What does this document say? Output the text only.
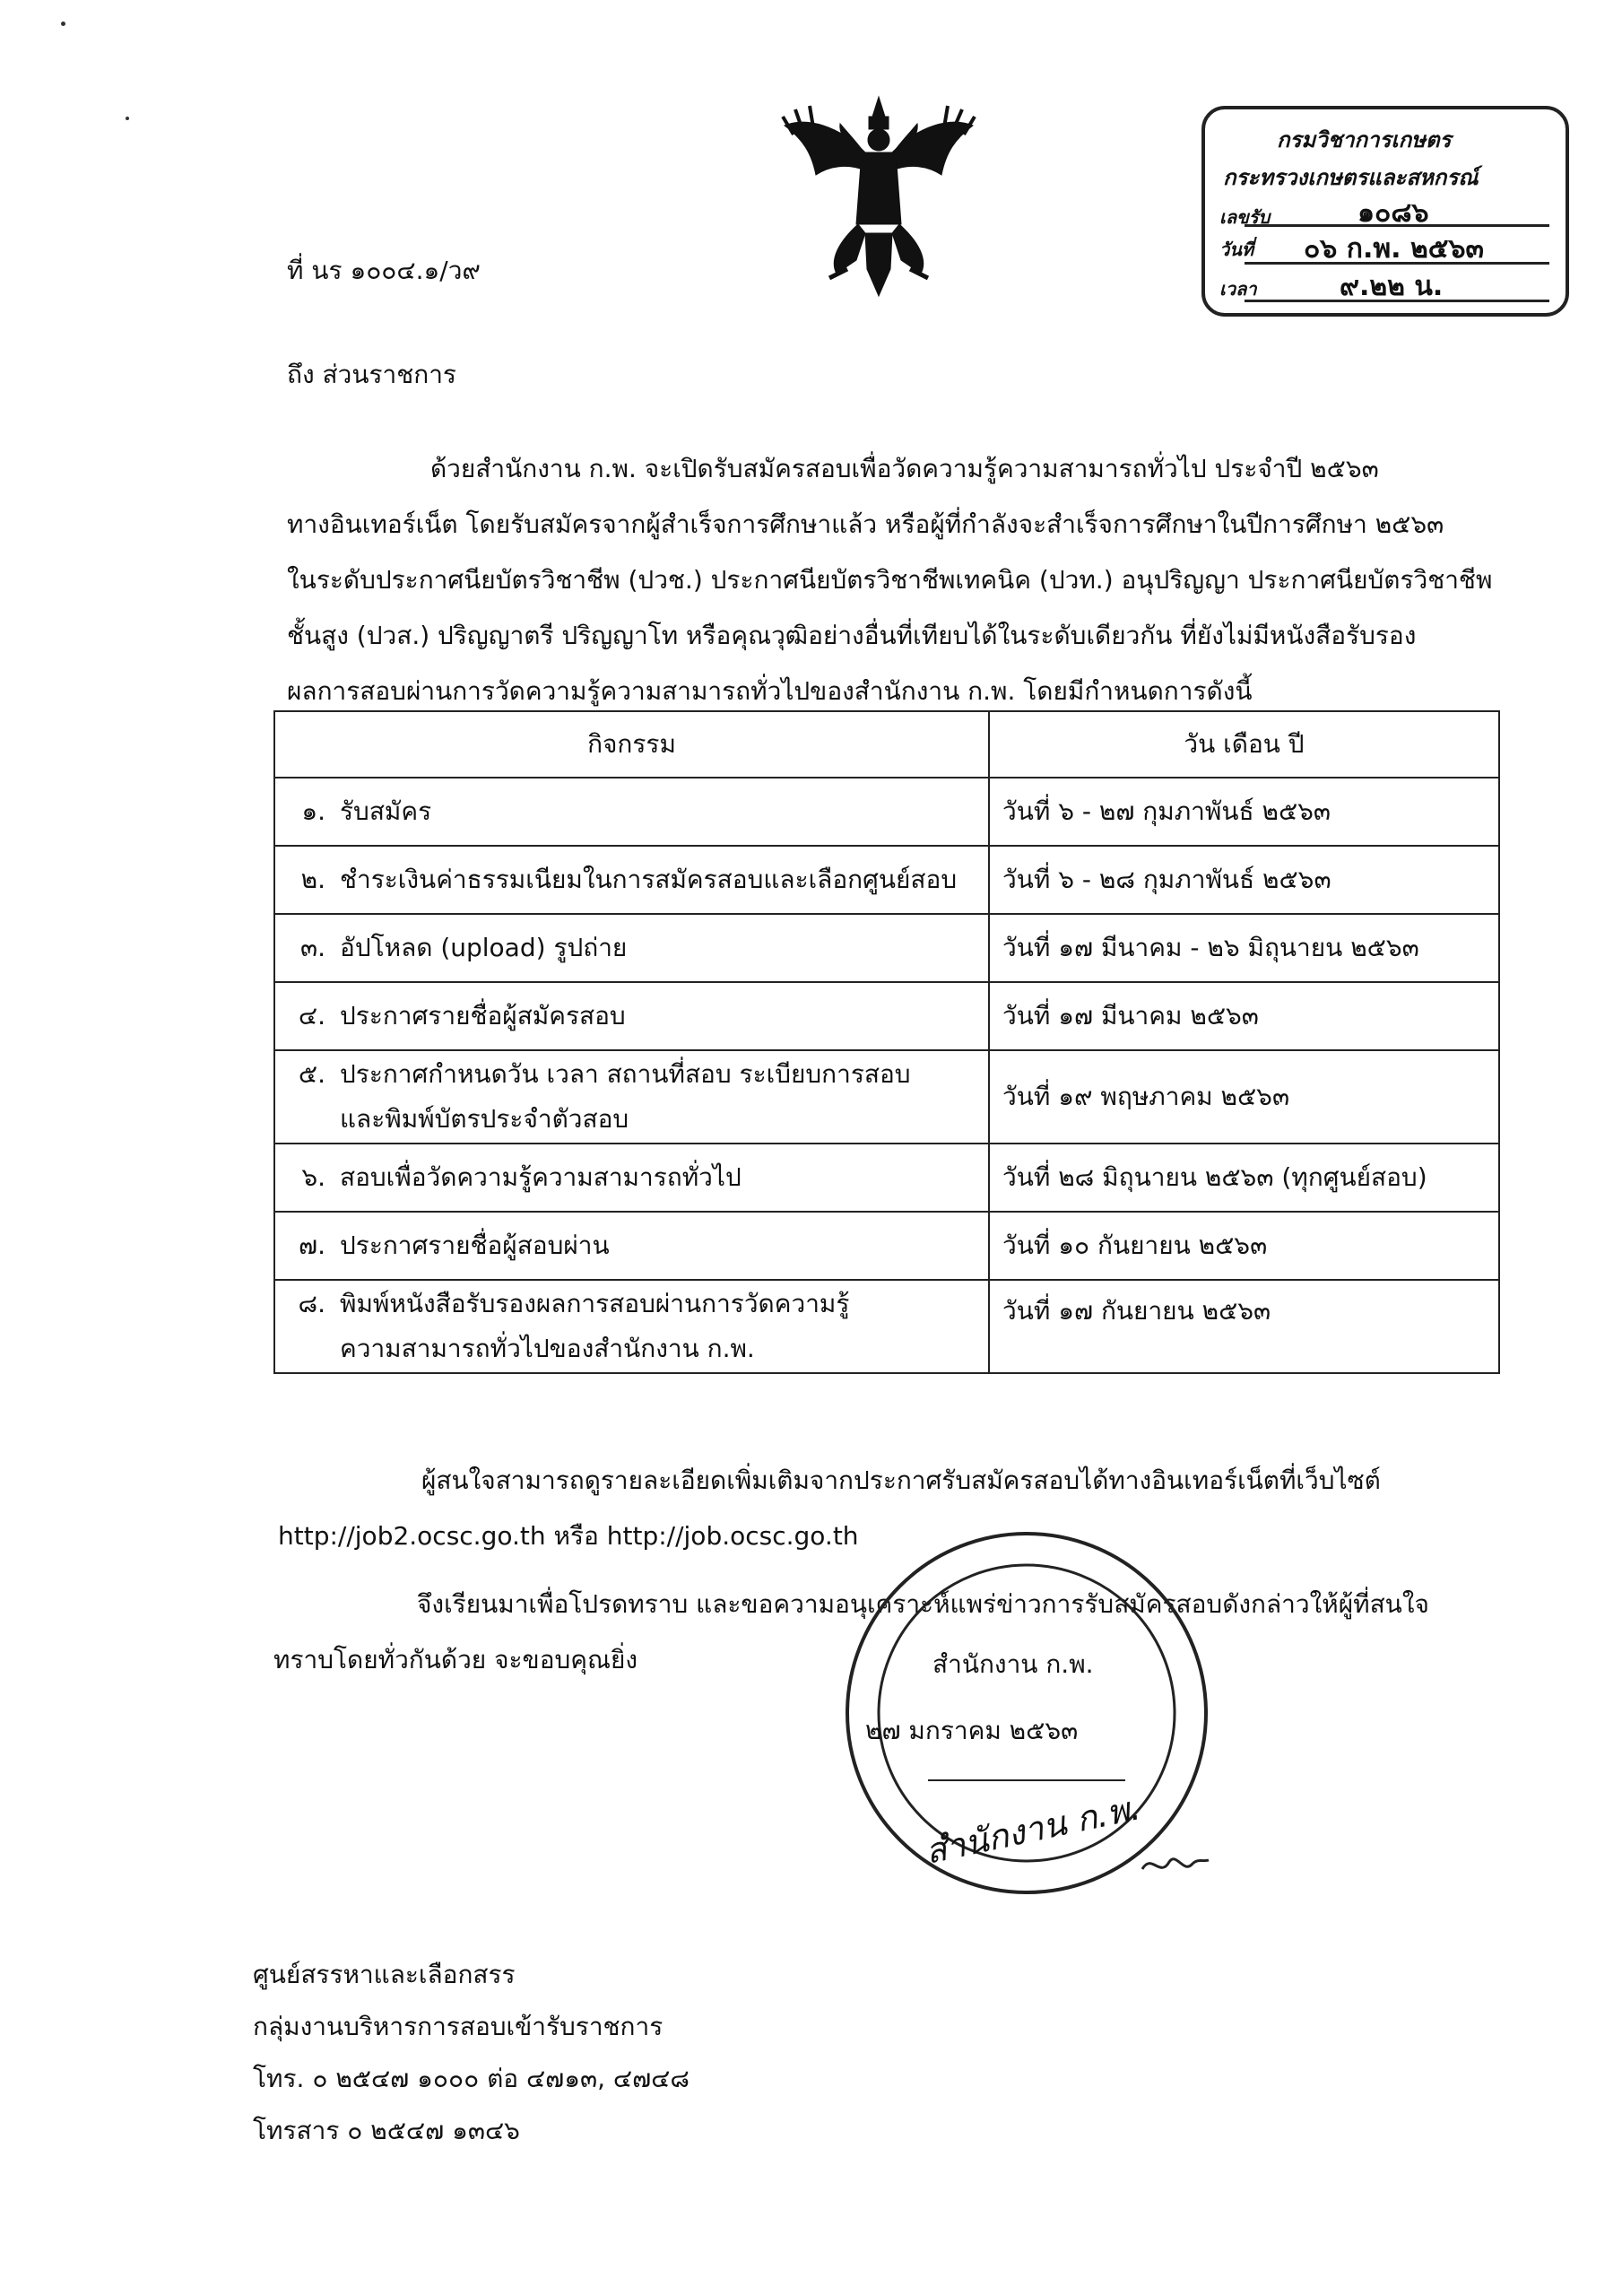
กรมวิชาการเกษตร
กระทรวงเกษตรและสหกรณ์
เลขรับ	๑๐๘๖
วันที่ ๐๖ ก.พ. ๒๕๖๓
เวลา	๙.๒๒ น.
ที่ นร ๑๐๐๔.๑/ว๙
ถึง ส่วนราชการ
ด้วยสำนักงาน ก.พ. จะเปิดรับสมัครสอบเพื่อวัดความรู้ความสามารถทั่วไป ประจำปี ๒๕๖๓
ทางอินเทอร์เน็ต โดยรับสมัครจากผู้สำเร็จการศึกษาแล้ว หรือผู้ที่กำลังจะสำเร็จการศึกษาในปีการศึกษา ๒๕๖๓
ในระดับประกาศนียบัตรวิชาชีพ (ปวช.) ประกาศนียบัตรวิชาชีพเทคนิค (ปวท.) อนุปริญญา ประกาศนียบัตรวิชาชีพ
ชั้นสูง (ปวส.) ปริญญาตรี ปริญญาโท หรือคุณวุฒิอย่างอื่นที่เทียบได้ในระดับเดียวกัน ที่ยังไม่มีหนังสือรับรอง
ผลการสอบผ่านการวัดความรู้ความสามารถทั่วไปของสำนักงาน ก.พ. โดยมีกำหนดการดังนี้
กิจกรรม	วัน เดือน ปี
๑. รับสมัคร	วันที่ ๖ - ๒๗ กุมภาพันธ์ ๒๕๖๓
๒. ชำระเงินค่าธรรมเนียมในการสมัครสอบและเลือกศูนย์สอบ	วันที่ ๖ - ๒๘ กุมภาพันธ์ ๒๕๖๓
๓. อัปโหลด (upload) รูปถ่าย	วันที่ ๑๗ มีนาคม - ๒๖ มิถุนายน ๒๕๖๓
๔. ประกาศรายชื่อผู้สมัครสอบ	วันที่ ๑๗ มีนาคม ๒๕๖๓

๕. ประกาศกำหนดวัน เวลา สถานที่สอบ ระเบียบการสอบ
และพิมพ์บัตรประจำตัวสอบ	วันที่ ๑๙ พฤษภาคม ๒๕๖๓
๖. สอบเพื่อวัดความรู้ความสามารถทั่วไป	วันที่ ๒๘ มิถุนายน ๒๕๖๓ (ทุกศูนย์สอบ)
๗. ประกาศรายชื่อผู้สอบผ่าน	วันที่ ๑๐ กันยายน ๒๕๖๓

๘. พิมพ์หนังสือรับรองผลการสอบผ่านการวัดความรู้
ความสามารถทั่วไปของสำนักงาน ก.พ.	วันที่ ๑๗ กันยายน ๒๕๖๓
ผู้สนใจสามารถดูรายละเอียดเพิ่มเติมจากประกาศรับสมัครสอบได้ทางอินเทอร์เน็ตที่เว็บไซต์
http://job2.ocsc.go.th หรือ http://job.ocsc.go.th
จึงเรียนมาเพื่อโปรดทราบ และขอความอนุเคราะห์แพร่ข่าวการรับสมัครสอบดังกล่าวให้ผู้ที่สนใจ
ทราบโดยทั่วกันด้วย จะขอบคุณยิ่ง	สำนักงาน ก.พ.
๒๗ มกราคม ๒๕๖๓
สำนักงาน ก.พ.
ศูนย์สรรหาและเลือกสรร
กลุ่มงานบริหารการสอบเข้ารับราชการ
โทร. ๐ ๒๕๔๗ ๑๐๐๐ ต่อ ๔๗๑๓, ๔๗๔๘
โทรสาร ๐ ๒๕๔๗ ๑๓๔๖
